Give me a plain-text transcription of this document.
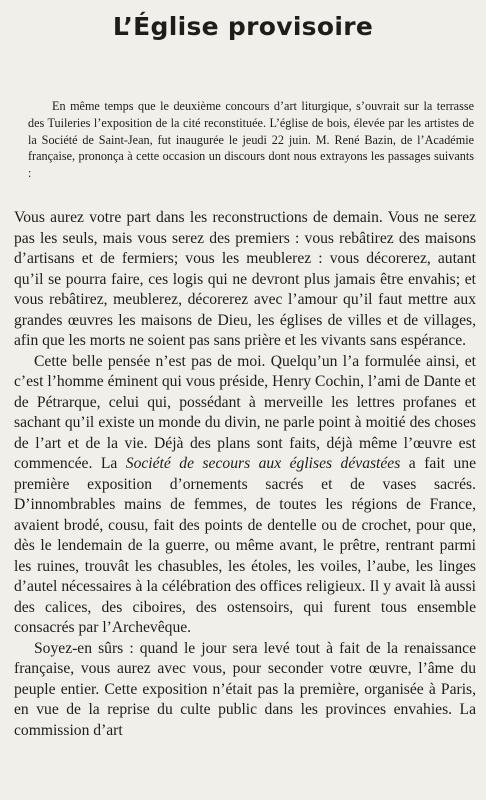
L’Église provisoire

En même temps que le deuxième concours d’art liturgique, s’ouvrait sur la terrasse des Tuileries l’exposition de la cité reconstituée. L’église de bois, élevée par les artistes de la Société de Saint-Jean, fut inaugurée le jeudi 22 juin. M. René Bazin, de l’Académie française, prononça à cette occasion un discours dont nous extrayons les passages suivants :

Vous aurez votre part dans les reconstructions de demain. Vous ne serez pas les seuls, mais vous serez des premiers : vous rebâtirez des maisons d’artisans et de fermiers; vous les meublerez : vous décorerez, autant qu’il se pourra faire, ces logis qui ne devront plus jamais être envahis; et vous rebâtirez, meublerez, décorerez avec l’amour qu’il faut mettre aux grandes œuvres les maisons de Dieu, les églises de villes et de villages, afin que les morts ne soient pas sans prière et les vivants sans espérance.

Cette belle pensée n’est pas de moi. Quelqu’un l’a formulée ainsi, et c’est l’homme éminent qui vous préside, Henry Cochin, l’ami de Dante et de Pétrarque, celui qui, possédant à merveille les lettres profanes et sachant qu’il existe un monde du divin, ne parle point à moitié des choses de l’art et de la vie. Déjà des plans sont faits, déjà même l’œuvre est commencée. La Société de secours aux églises dévastées a fait une première exposition d’ornements sacrés et de vases sacrés. D’innombrables mains de femmes, de toutes les régions de France, avaient brodé, cousu, fait des points de dentelle ou de crochet, pour que, dès le lendemain de la guerre, ou même avant, le prêtre, rentrant parmi les ruines, trouvât les chasubles, les étoles, les voiles, l’aube, les linges d’autel nécessaires à la célébration des offices religieux. Il y avait là aussi des calices, des ciboires, des ostensoirs, qui furent tous ensemble consacrés par l’Archevêque.

Soyez-en sûrs : quand le jour sera levé tout à fait de la renaissance française, vous aurez avec vous, pour seconder votre œuvre, l’âme du peuple entier. Cette exposition n’était pas la première, organisée à Paris, en vue de la reprise du culte public dans les provinces envahies. La commission d’art
